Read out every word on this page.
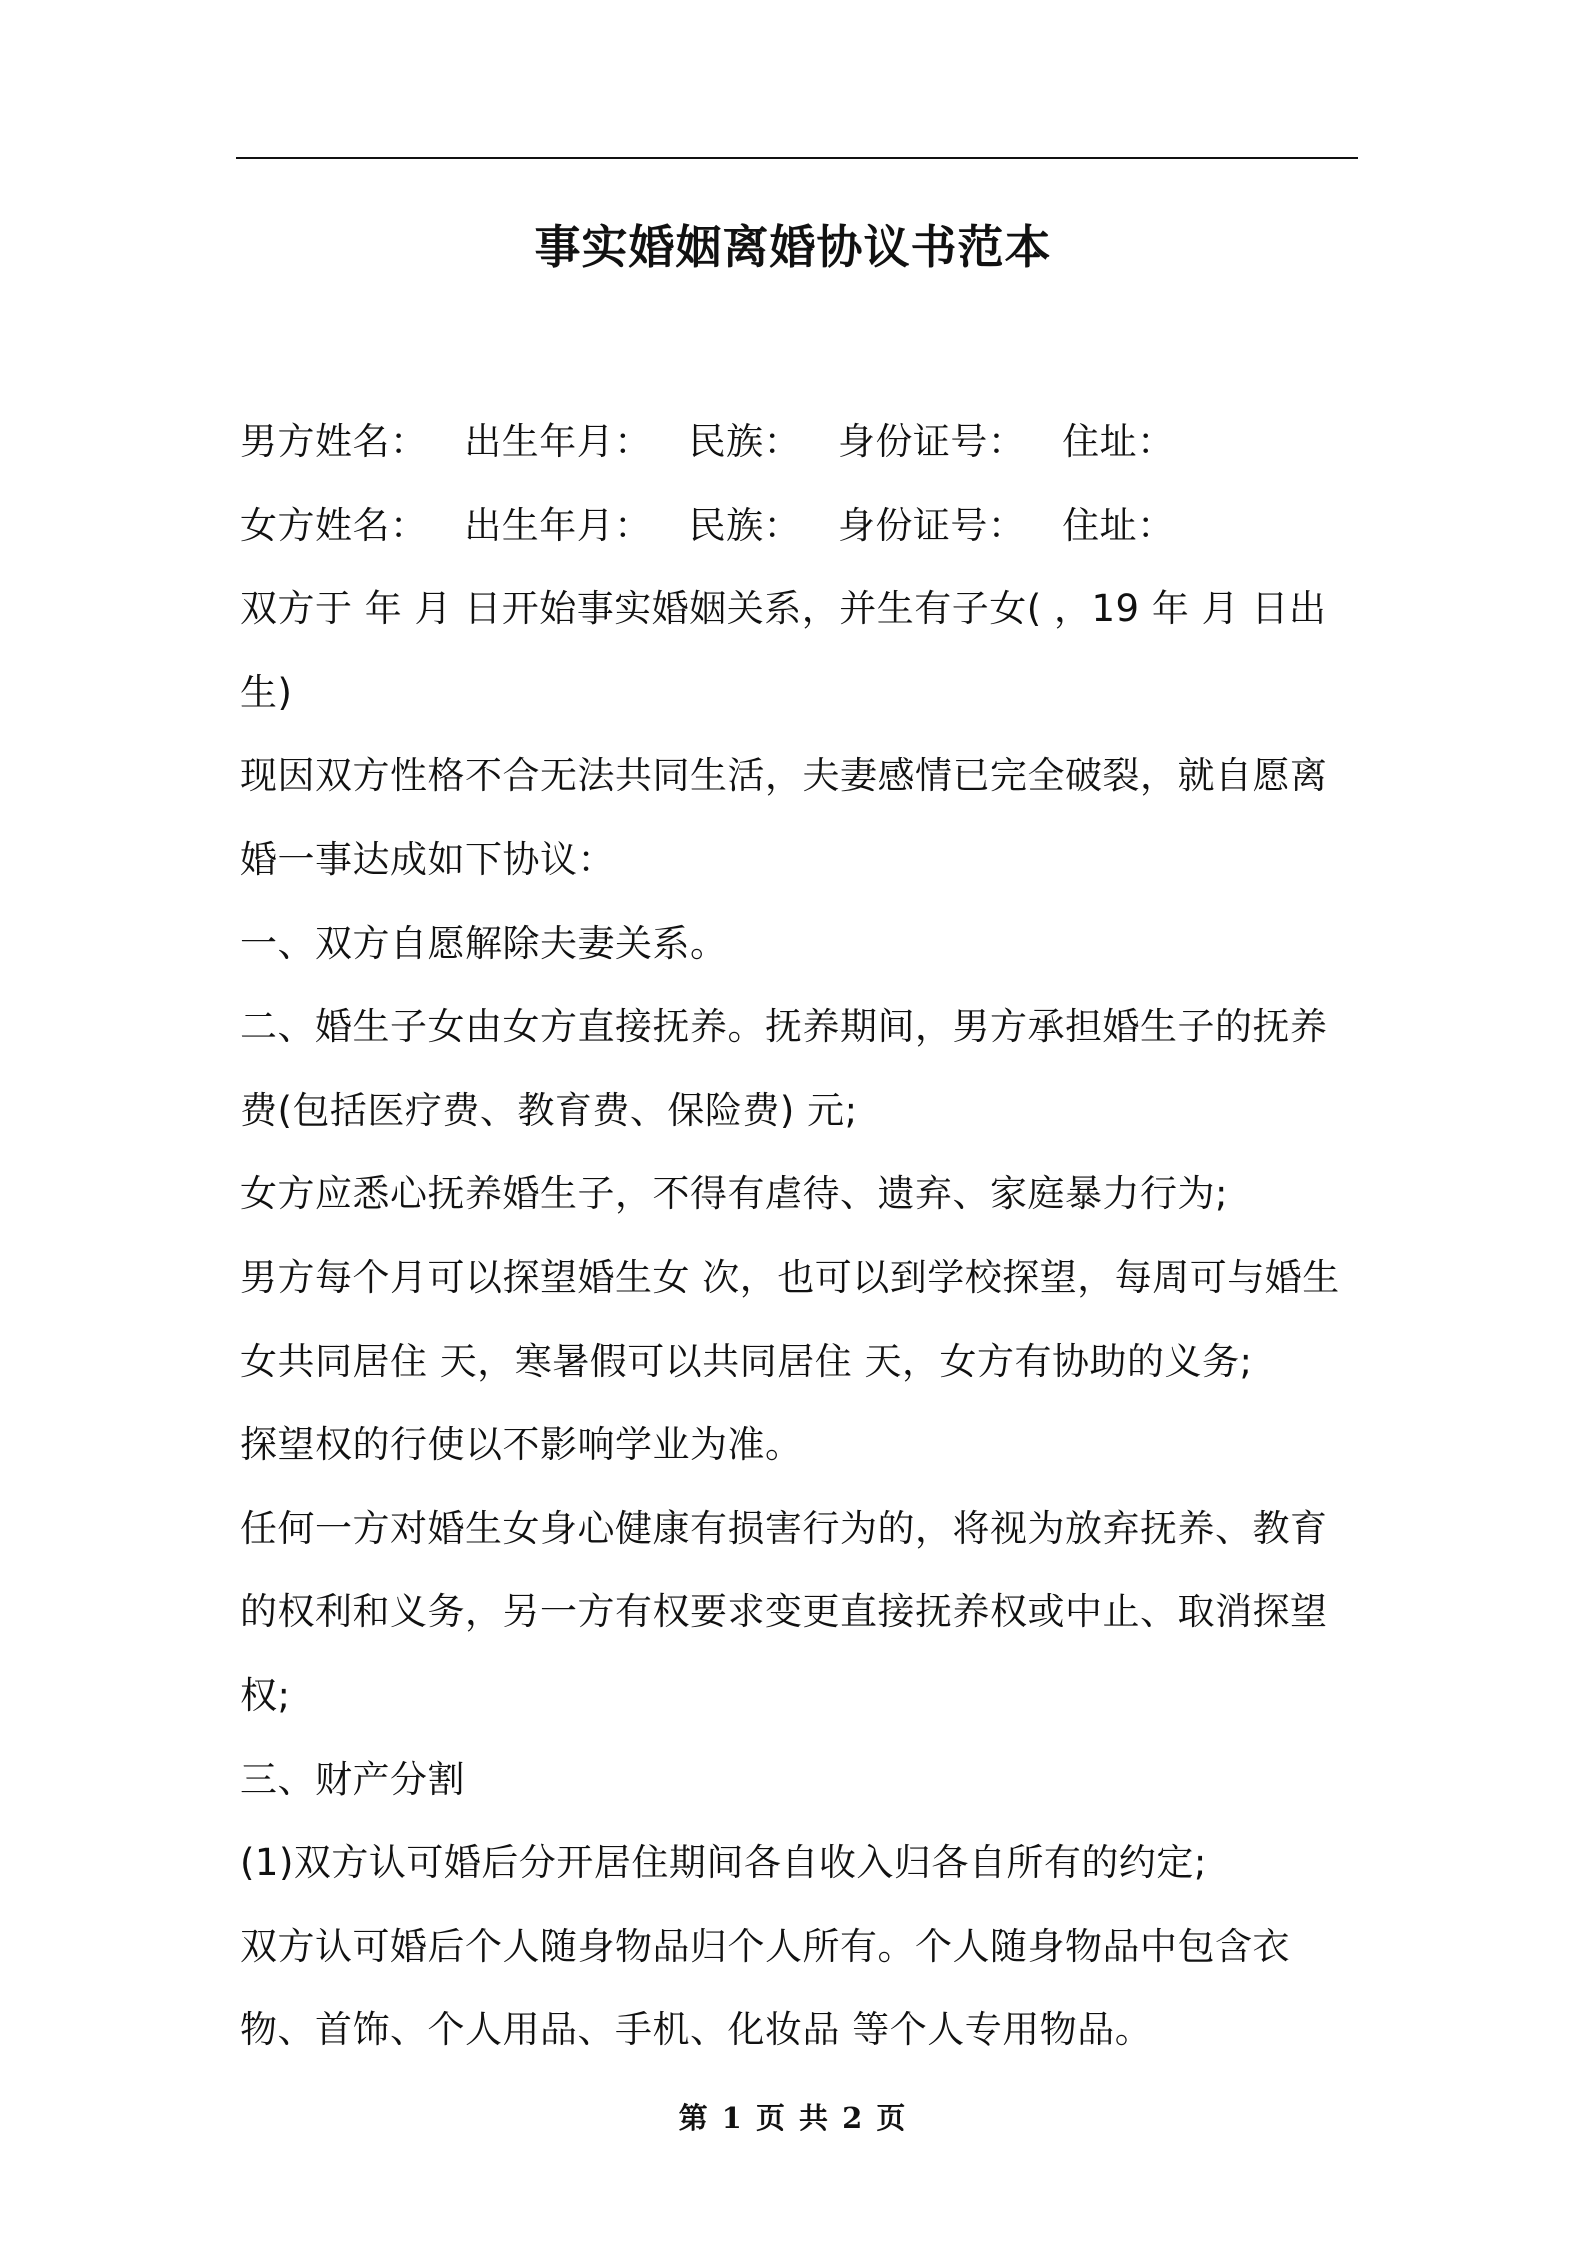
事实婚姻离婚协议书范本

男方姓名：   出生年月：   民族：   身份证号：   住址：

女方姓名：   出生年月：   民族：   身份证号：   住址：

双方于 年 月 日开始事实婚姻关系，并生有子女( ，19 年 月 日出生)

现因双方性格不合无法共同生活，夫妻感情已完全破裂，就自愿离婚一事达成如下协议：

一、双方自愿解除夫妻关系。

二、婚生子女由女方直接抚养。抚养期间，男方承担婚生子的抚养费(包括医疗费、教育费、保险费) 元;

女方应悉心抚养婚生子，不得有虐待、遗弃、家庭暴力行为;

男方每个月可以探望婚生女 次，也可以到学校探望，每周可与婚生女共同居住 天，寒暑假可以共同居住 天，女方有协助的义务;

探望权的行使以不影响学业为准。

任何一方对婚生女身心健康有损害行为的，将视为放弃抚养、教育的权利和义务，另一方有权要求变更直接抚养权或中止、取消探望权;

三、财产分割

(1)双方认可婚后分开居住期间各自收入归各自所有的约定;

双方认可婚后个人随身物品归个人所有。个人随身物品中包含衣物、首饰、个人用品、手机、化妆品 等个人专用物品。

第 1 页 共 2 页
